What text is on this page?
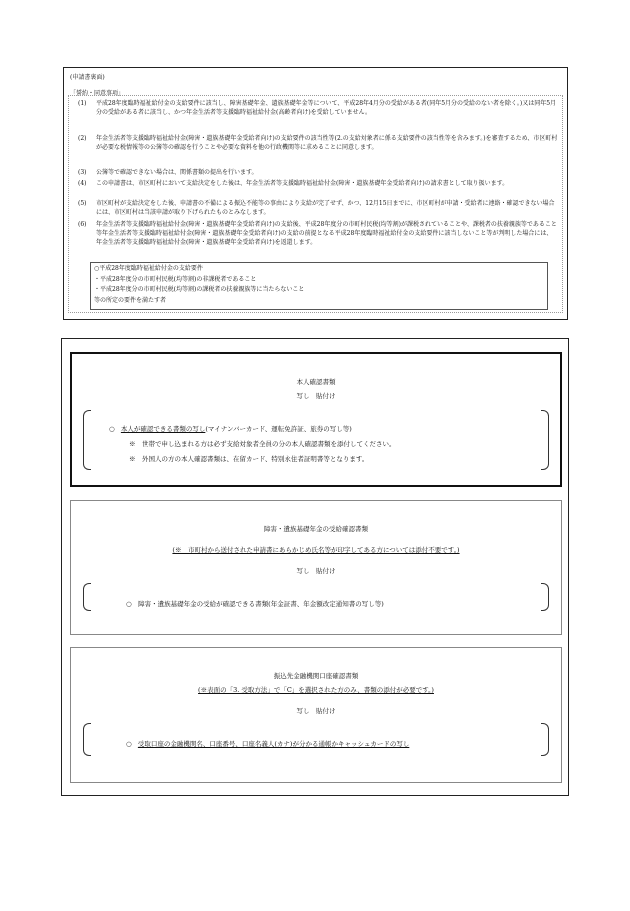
(申請書裏面)
「誓約・同意事項」
(1) 平成28年度臨時福祉給付金の支給要件に該当し、障害基礎年金、遺族基礎年金等について、平成28年4月分の受給がある者(同年5月分の受給のない者を除く。)又は同年5月分の受給がある者に該当し、かつ年金生活者等支援臨時福祉給付金(高齢者向け)を受給していません。
(2) 年金生活者等支援臨時福祉給付金(障害・遺族基礎年金受給者向け)の支給要件の該当性等(2.の支給対象者に係る支給要件の該当性等を含みます。)を審査するため、市区町村が必要な税情報等の公簿等の確認を行うことや必要な資料を他の行政機関等に求めることに同意します。
(3) 公簿等で確認できない場合は、関係書類の提出を行います。
(4) この申請書は、市区町村において支給決定をした後は、年金生活者等支援臨時福祉給付金(障害・遺族基礎年金受給者向け)の請求書として取り扱います。
(5) 市区町村が支給決定をした後、申請書の不備による振込不能等の事由により支給が完了せず、かつ、12月15日までに、市区町村が申請・受給者に連絡・確認できない場合には、市区町村は当該申請が取り下げられたものとみなします。
(6) 年金生活者等支援臨時福祉給付金(障害・遺族基礎年金受給者向け)の支給後、平成28年度分の市町村民税(均等割)が課税されていることや、課税者の扶養親族等であること等年金生活者等支援臨時福祉給付金(障害・遺族基礎年金受給者向け)の支給の前提となる平成28年度臨時福祉給付金の支給要件に該当しないこと等が判明した場合には、年金生活者等支援臨時福祉給付金(障害・遺族基礎年金受給者向け)を返還します。
○平成28年度臨時福祉給付金の支給要件
・平成28年度分の市町村民税(均等割)の非課税者であること
・平成28年度分の市町村民税(均等割)の課税者の扶養親族等に当たらないこと
等の所定の要件を満たす者
本人確認書類
写し　貼付け
○ 本人が確認できる書類の写し(マイナンバーカード、運転免許証、旅券の写し等)
※　世帯で申し込まれる方は必ず支給対象者全員の分の本人確認書類を添付してください。
※　外国人の方の本人確認書類は、在留カード、特別永住者証明書等となります。
障害・遺族基礎年金の受給確認書類
(※　市町村から送付された申請書にあらかじめ氏名等が印字してある方については添付不要です。)
写し　貼付け
○　障害・遺族基礎年金の受給が確認できる書類(年金証書、年金額改定通知書の写し等)
振込先金融機関口座確認書類
(※表面の「3. 受取方法」で「C」を選択された方のみ、書類の添付が必要です。)
写し　貼付け
○ 受取口座の金融機関名、口座番号、口座名義人(カナ)が分かる通帳かキャッシュカードの写し
